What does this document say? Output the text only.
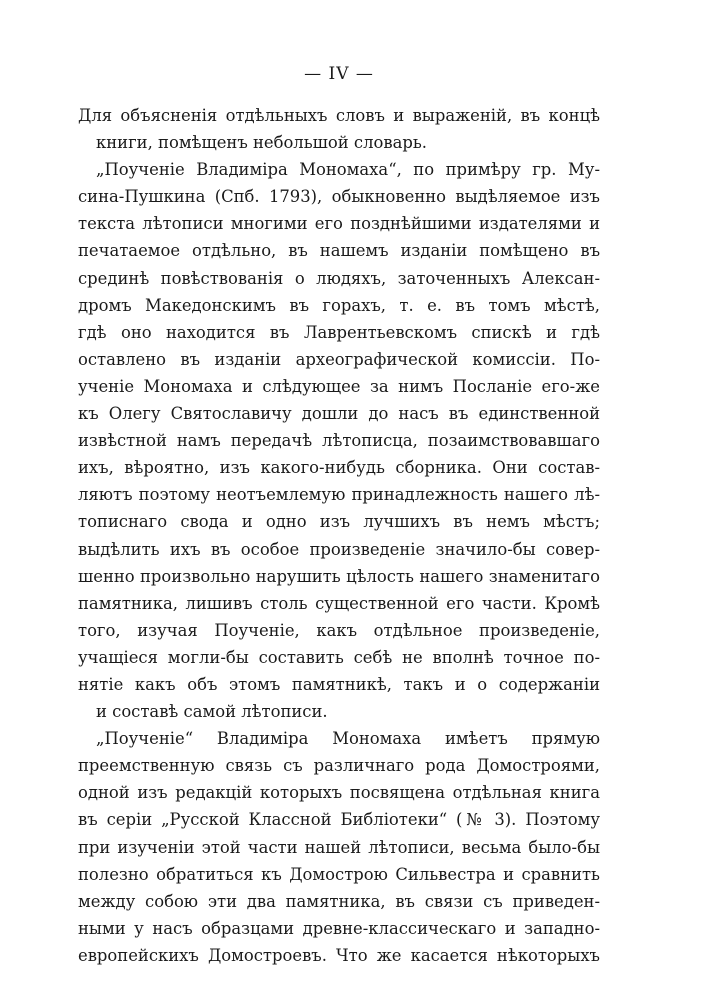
— IV —
Для объясненія отдѣльныхъ словъ и выраженій, въ концѣ
книги, помѣщенъ небольшой словарь.
„Поученіе Владиміра Мономаха“, по примѣру гр. Му-
сина-Пушкина (Спб. 1793), обыкновенно выдѣляемое изъ
текста лѣтописи многими его позднѣйшими издателями и
печатаемое отдѣльно, въ нашемъ изданіи помѣщено въ
срединѣ повѣствованія о людяхъ, заточенныхъ Алексан-
дромъ Македонскимъ въ горахъ, т. е. въ томъ мѣстѣ,
гдѣ оно находится въ Лаврентьевскомъ спискѣ и гдѣ
оставлено въ изданіи археографической комиссіи. По-
ученіе Мономаха и слѣдующее за нимъ Посланіе его-же
къ Олегу Святославичу дошли до насъ въ единственной
извѣстной намъ передачѣ лѣтописца, позаимствовавшаго
ихъ, вѣроятно, изъ какого-нибудь сборника. Они состав-
ляютъ поэтому неотъемлемую принадлежность нашего лѣ-
тописнаго свода и одно изъ лучшихъ въ немъ мѣстъ;
выдѣлить ихъ въ особое произведеніе значило-бы совер-
шенно произвольно нарушить цѣлость нашего знаменитаго
памятника, лишивъ столь существенной его части. Кромѣ
того, изучая Поученіе, какъ отдѣльное произведеніе,
учащіеся могли-бы составить себѣ не вполнѣ точное по-
нятіе какъ объ этомъ памятникѣ, такъ и о содержаніи
и составѣ самой лѣтописи.
„Поученіе“ Владиміра Мономаха имѣетъ прямую
преемственную связь съ различнаго рода Домостроями,
одной изъ редакцій которыхъ посвящена отдѣльная книга
въ серіи „Русской Классной Библіотеки“ (№ 3). Поэтому
при изученіи этой части нашей лѣтописи, весьма было-бы
полезно обратиться къ Домострою Сильвестра и сравнить
между собою эти два памятника, въ связи съ приведен-
ными у насъ образцами древне-классическаго и западно-
европейскихъ Домостроевъ. Что же касается нѣкоторыхъ
